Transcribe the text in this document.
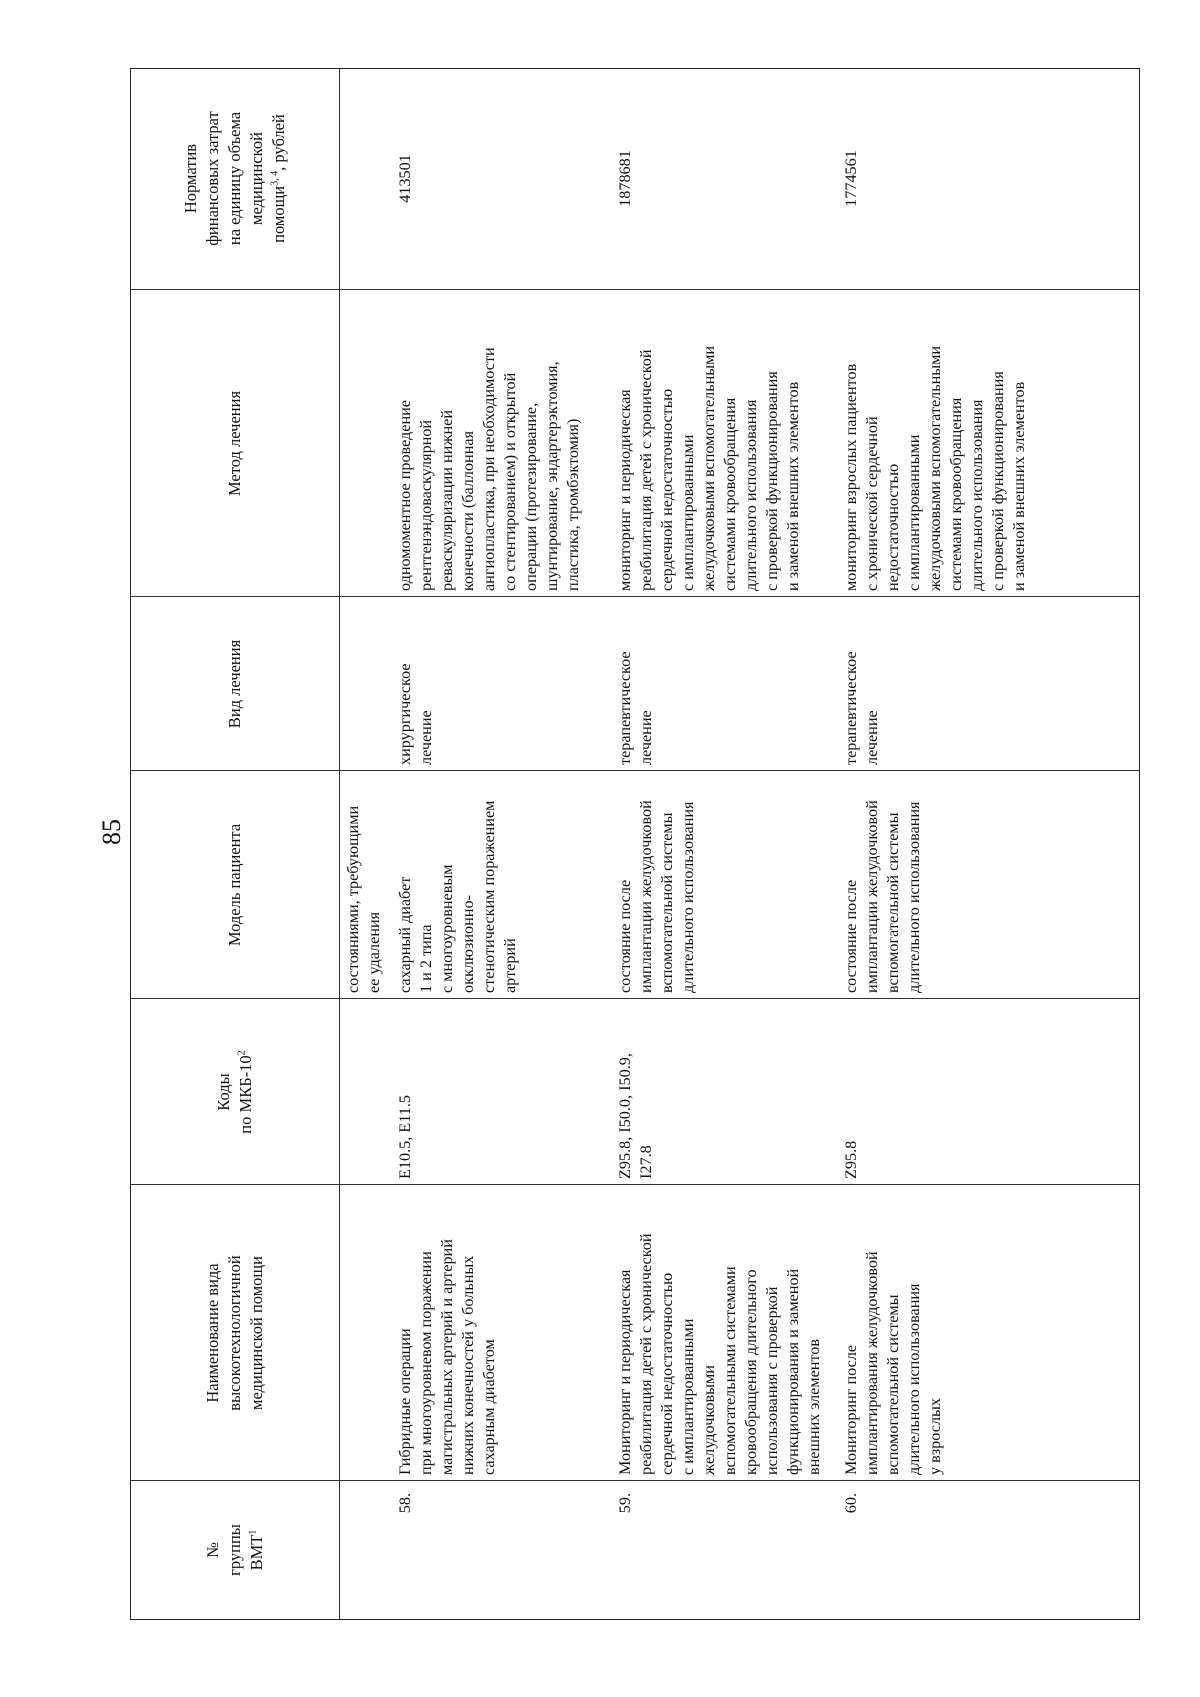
85
№
группы
ВМТ$^1$
Наименование вида
высокотехнологичной
медицинской помощи
Коды
по МКБ-$10^2$
Модель пациента
Вид лечения
Метод лечения
Норматив
финансовых затрат
на единицу объема
медицинской
помощи$^{3, 4}$, рублей
состояниями, требующими
ее удаления
58.
Гибридные операции
при многоуровневом поражении
магистральных артерий и артерий
нижних конечностей у больных
сахарным диабетом
E10.5, E11.5
сахарный диабет
1 и 2 типа
с многоуровневым
окклюзионно-
стенотическим поражением
артерий
хирургическое
лечение
одномоментное проведение
рентгенэндоваскулярной
реваскуляризации нижней
конечности (баллонная
ангиопластика, при необходимости
со стентированием) и открытой
операции (протезирование,
шунтирование, эндартерэктомия,
пластика, тромбэктомия)
413501
59.
Мониторинг и периодическая
реабилитация детей с хронической
сердечной недостаточностью
с имплантированными
желудочковыми
вспомогательными системами
кровообращения длительного
использования с проверкой
функционирования и заменой
внешних элементов
Z95.8, I50.0, I50.9,
I27.8
состояние после
имплантации желудочковой
вспомогательной системы
длительного использования
терапевтическое
лечение
мониторинг и периодическая
реабилитация детей с хронической
сердечной недостаточностью
с имплантированными
желудочковыми вспомогательными
системами кровообращения
длительного использования
с проверкой функционирования
и заменой внешних элементов
1878681
60.
Мониторинг после
имплантирования желудочковой
вспомогательной системы
длительного использования
у взрослых
Z95.8
состояние после
имплантации желудочковой
вспомогательной системы
длительного использования
терапевтическое
лечение
мониторинг взрослых пациентов
с хронической сердечной
недостаточностью
с имплантированными
желудочковыми вспомогательными
системами кровообращения
длительного использования
с проверкой функционирования
и заменой внешних элементов
1774561
